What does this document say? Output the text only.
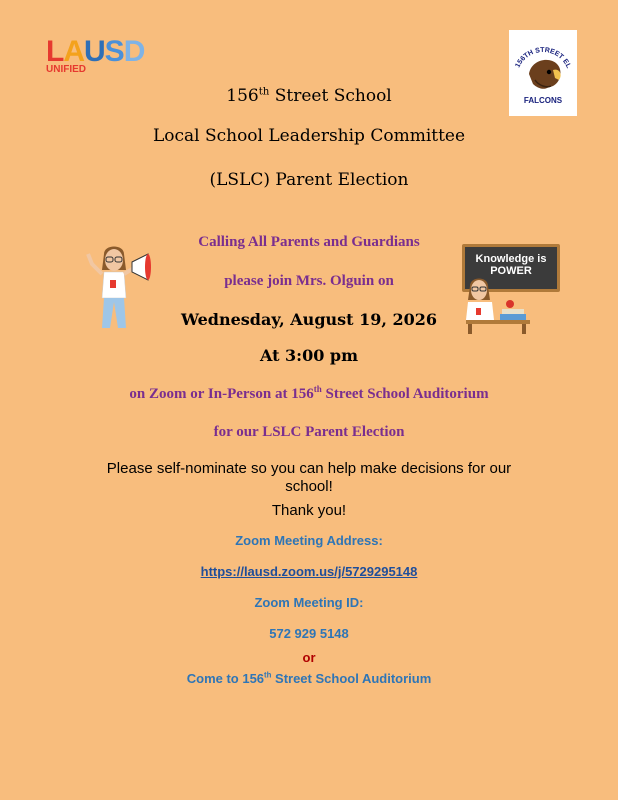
LAUSD
UNIFIED	156TH STREET EL
FALCONS
156th Street School
Local School Leadership Committee
(LSLC) Parent Election
Calling All Parents and Guardians
please join Mrs. Olguin on
Wednesday, August 19, 2026
At 3:00 pm
on Zoom or In-Person at 156th Street School Auditorium
for our LSLC Parent Election
Knowledge is
POWER
Please self-nominate so you can help make decisions for our school!
Thank you!
Zoom Meeting Address:
https://lausd.zoom.us/j/5729295148
Zoom Meeting ID:
572 929 5148
or
Come to 156th Street School Auditorium
